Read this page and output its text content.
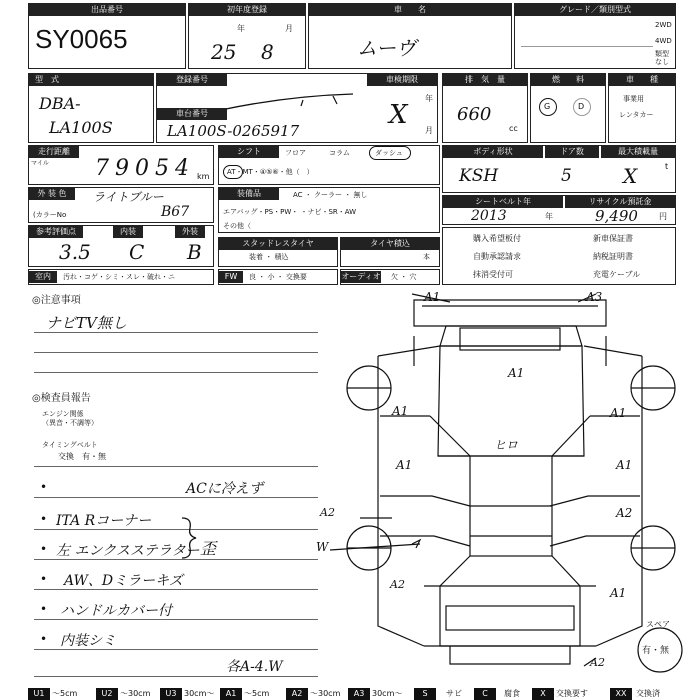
出品番号
SY0065
初年度登録
年	月
25 8
車　　名
ムーヴ
グレード／類別型式
2WD
4WD
類型
なし
型　式
DBA-
LA100S
登録番号	車検期限
車台番号
LA100S-0265917
年
月
X
排　気　量
660
cc
燃　　料
G	D
車　　種
事業用
レンタカー
走行距離
マイル 79054 km
シフト	フロア	コラム	ダッシュ
AT・MT・④⑤⑥・他（　）
ボディ形状	ドア数	最大積載量
KSH	5	X	t
外 装 色	ライトブルー
(カラーNo	B67
装備品	AC ・ クーラー ・ 無し
エアバッグ・PS・PW・ ・ナビ・SR・AW
その他（
シートベルト年	リサイクル預託金
2013	年	9,490	円
参考評価点	内装	外装
3.5 C B	スタッドレスタイヤ
装着 ・ 積込
タイヤ積込
本
購入希望板付	新車保証書
自動承認請求	納税証明書
抹消受付可	充電ケーブル
室内	汚れ・コゲ・シミ・スレ・破れ・ニ	FW	良 ・ 小 ・ 交換要	オーディオ 欠 ・ 穴
◎注意事項
ナビTV無し
◎検査員報告
エンジン関係
（異音・不調等）
タイミングベルト
交換　有・無
•	ACに冷えず
• ITA Rコーナー
• 左 エンクスステラター 歪
• AW、Dミラーキズ
• ハンドルカバー付
• 内装シミ
各A-4.W
A1	A3
A1
A1
A1
A1
A1
A2
A2
W
A2
A1
A2
ヒロ
スペア
有・無
U1 ～5cm	U2 ～30cm	U3 30cm～	A1 ～5cm	A2 ～30cm	A3 30cm～	S	サビ	C	腐食	X	交換要す	XX	交換済
